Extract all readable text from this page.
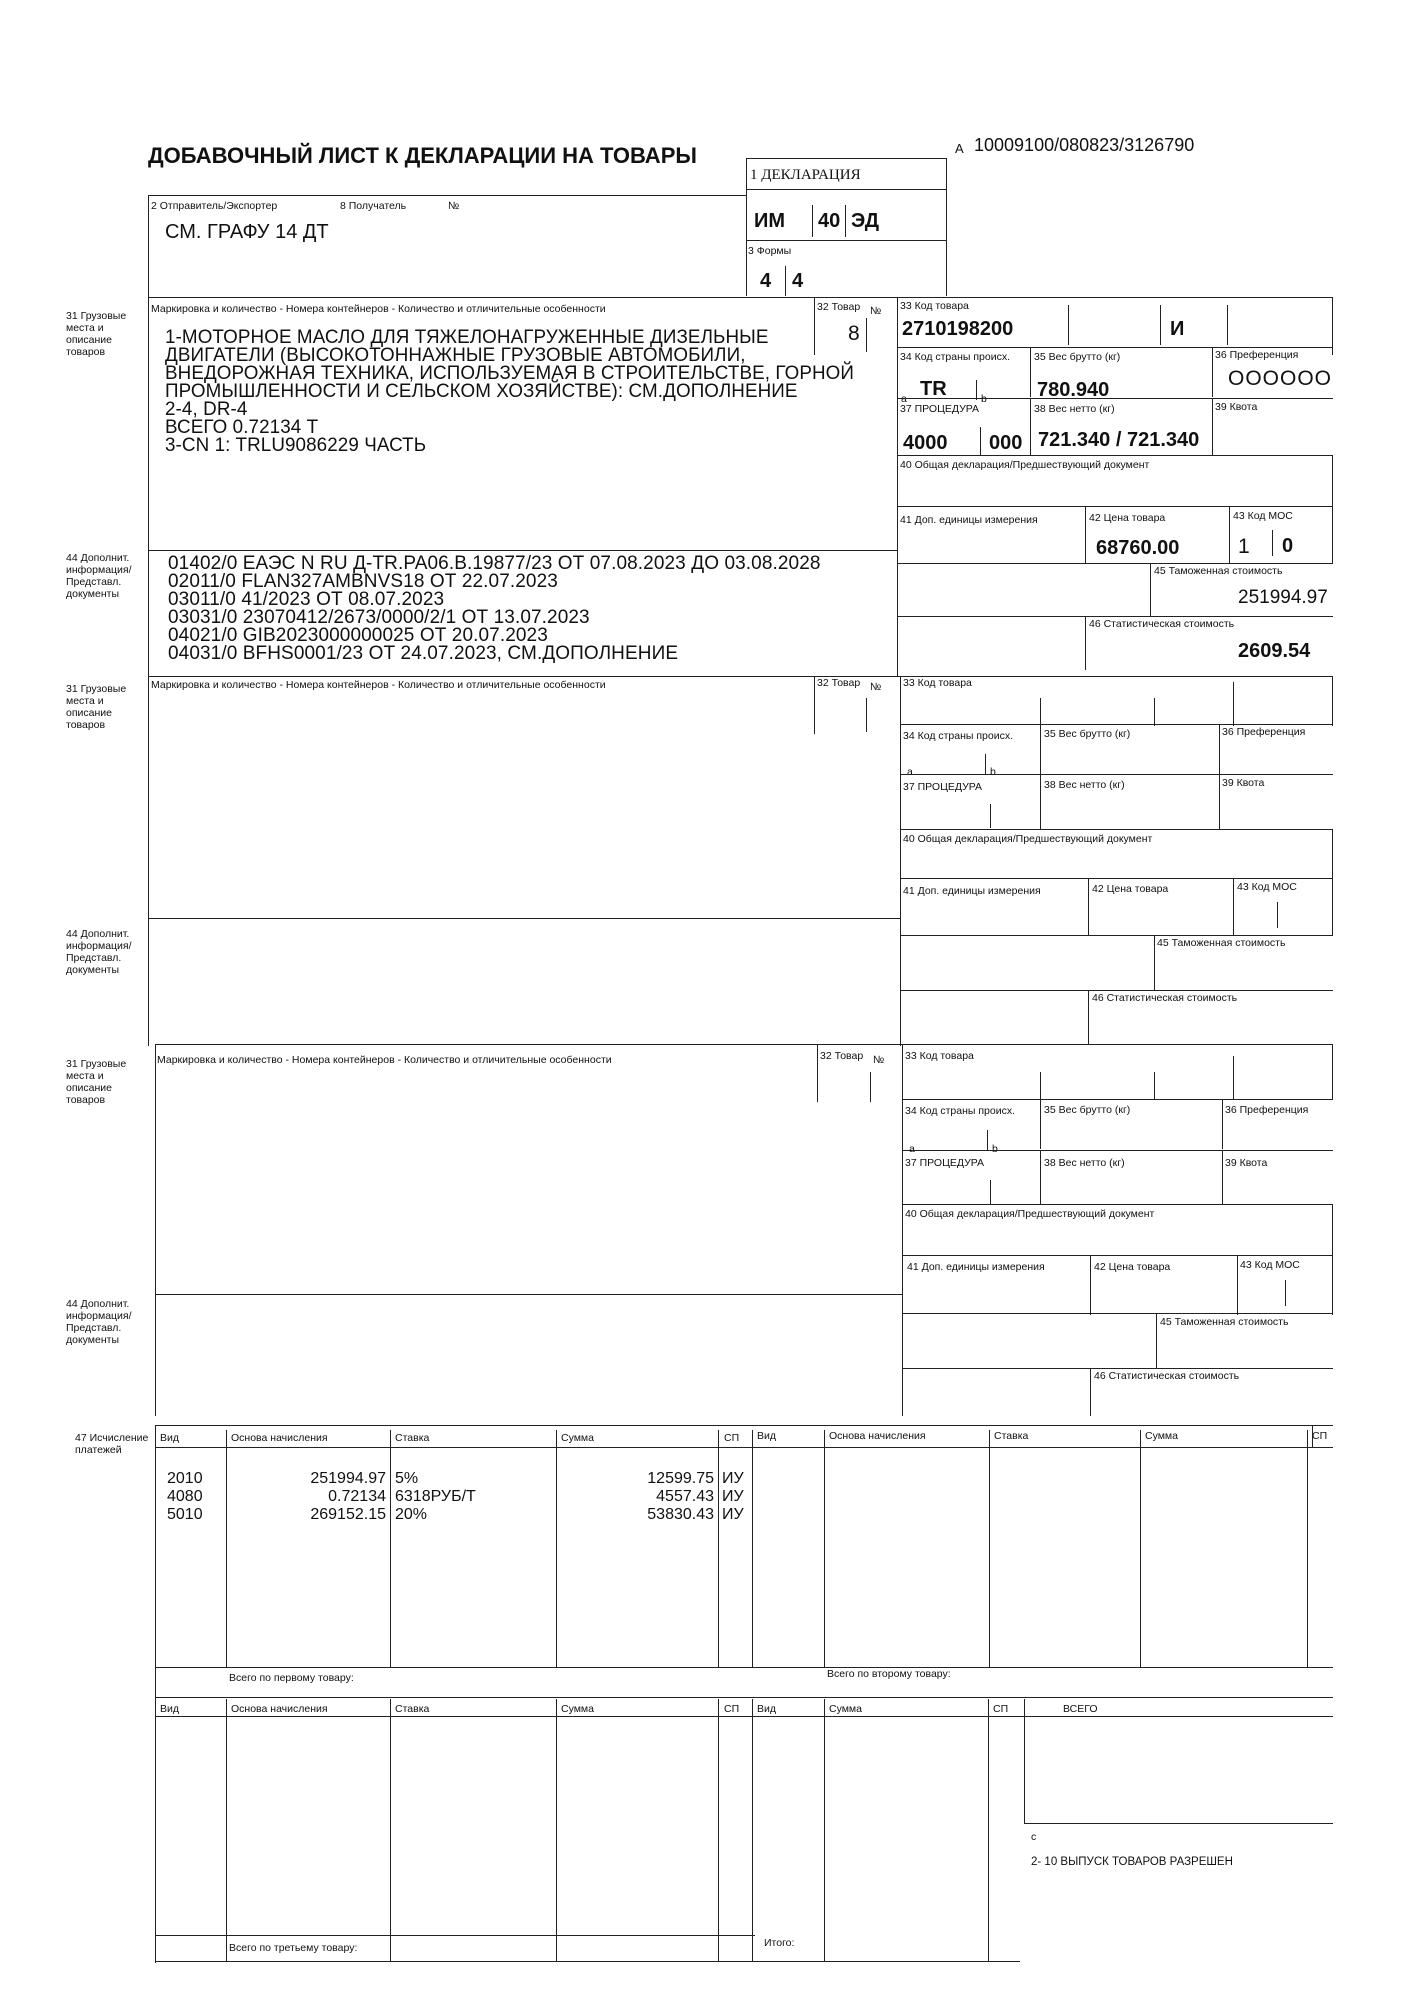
ДОБАВОЧНЫЙ ЛИСТ К ДЕКЛАРАЦИИ НА ТОВАРЫ	А 10009100/080823/3126790
1 ДЕКЛАРАЦИЯ
ИМ 40 ЭД
3 Формы
4 4
2 Отправитель/Экспортер	8 Получатель	№
СМ. ГРАФУ 14 ДТ
31 Грузовые места и описание товаров
Маркировка и количество - Номера контейнеров - Количество и отличительные особенности	32 Товар №
8
33 Код товара
2710198200	И
1-МОТОРНОЕ МАСЛО ДЛЯ ТЯЖЕЛОНАГРУЖЕННЫЕ ДИЗЕЛЬНЫЕ
ДВИГАТЕЛИ (ВЫСОКОТОННАЖНЫЕ ГРУЗОВЫЕ АВТОМОБИЛИ,
ВНЕДОРОЖНАЯ ТЕХНИКА, ИСПОЛЬЗУЕМАЯ В СТРОИТЕЛЬСТВЕ, ГОРНОЙ
ПРОМЫШЛЕННОСТИ И СЕЛЬСКОМ ХОЗЯЙСТВЕ): СМ.ДОПОЛНЕНИЕ
2-4, DR-4
ВСЕГО 0.72134 Т
3-CN 1: TRLU9086229 ЧАСТЬ
34 Код страны происх. 35 Вес брутто (кг)	36 Преференция
a TR	b	780.940	ОООООО
37 ПРОЦЕДУРА	38 Вес нетто (кг)	39 Квота
4000 000 721.340 / 721.340
40 Общая декларация/Предшествующий документ
41 Доп. единицы измерения	42 Цена товара	43 Код МОС
68760.00	1 0
44 Дополнит. информация/ Представл. документы
01402/0 ЕАЭС N RU Д-TR.PA06.B.19877/23 ОТ 07.08.2023 ДО 03.08.2028
02011/0 FLAN327AMBNVS18 ОТ 22.07.2023
03011/0 41/2023 ОТ 08.07.2023
03031/0 23070412/2673/0000/2/1 ОТ 13.07.2023
04021/0 GIB2023000000025 ОТ 20.07.2023
04031/0 BFHS0001/23 ОТ 24.07.2023, СМ.ДОПОЛНЕНИЕ
45 Таможенная стоимость
251994.97
46 Статистическая стоимость
2609.54
31 Грузовые места и описание товаров
Маркировка и количество - Номера контейнеров - Количество и отличительные особенности	32 Товар № 33 Код товара
34 Код страны происх.	35 Вес брутто (кг)	36 Преференция
a	b
37 ПРОЦЕДУРА	38 Вес нетто (кг)	39 Квота
40 Общая декларация/Предшествующий документ
41 Доп. единицы измерения	42 Цена товара	43 Код МОС
44 Дополнит. информация/ Представл. документы
45 Таможенная стоимость
46 Статистическая стоимость
31 Грузовые места и описание товаров
Маркировка и количество - Номера контейнеров - Количество и отличительные особенности	32 Товар № 33 Код товара
34 Код страны происх.	35 Вес брутто (кг)	36 Преференция
a	b
37 ПРОЦЕДУРА	38 Вес нетто (кг)	39 Квота
40 Общая декларация/Предшествующий документ
41 Доп. единицы измерения	42 Цена товара	43 Код МОС
44 Дополнит. информация/ Представл. документы
45 Таможенная стоимость
46 Статистическая стоимость
47 Исчисление платежей
Вид	Основа начисления	Ставка	Сумма	СП Вид	Основа начисления	Ставка	Сумма	СП
2010	251994.97 5%	12599.75 ИУ
4080	0.72134 6318РУБ/Т	4557.43 ИУ
5010	269152.15 20%	53830.43 ИУ
Всего по первому товару:	Всего по второму товару:
Вид	Основа начисления	Ставка	Сумма	СП Вид	Сумма	СП	ВСЕГО
с
2- 10 ВЫПУСК ТОВАРОВ РАЗРЕШЕН
Всего по третьему товару:	Итого:
